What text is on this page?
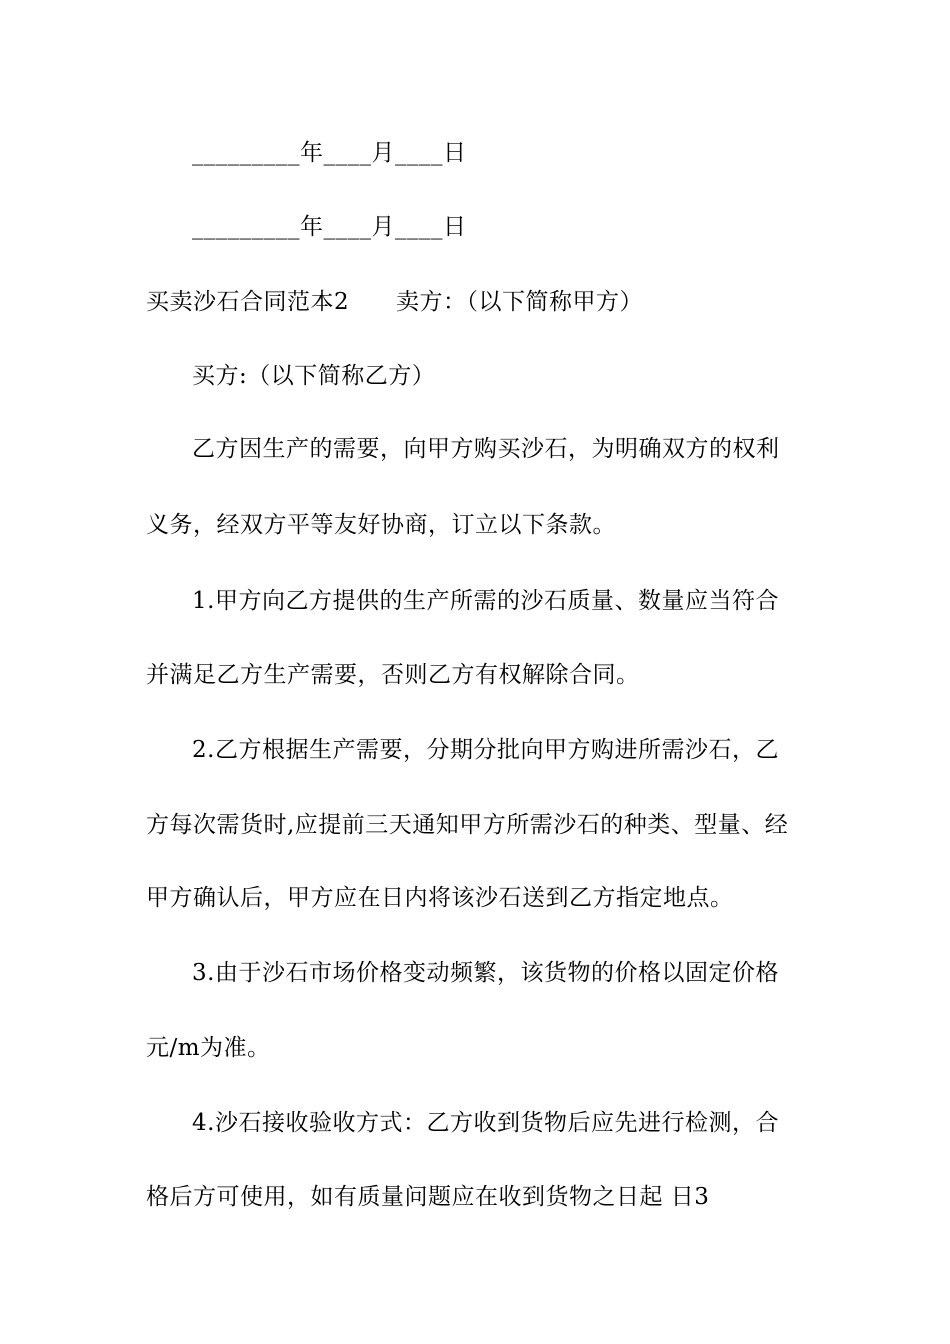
_________年____月____日
_________年____月____日
买卖沙石合同范本2      卖方：（以下简称甲方）
买方:（以下简称乙方）
乙方因生产的需要，向甲方购买沙石，为明确双方的权利
义务，经双方平等友好协商，订立以下条款。
1.甲方向乙方提供的生产所需的沙石质量、数量应当符合
并满足乙方生产需要，否则乙方有权解除合同。
2.乙方根据生产需要，分期分批向甲方购进所需沙石，乙
方每次需货时,应提前三天通知甲方所需沙石的种类、型量、经
甲方确认后，甲方应在日内将该沙石送到乙方指定地点。
3.由于沙石市场价格变动频繁，该货物的价格以固定价格
元/m为准。
4.沙石接收验收方式：乙方收到货物后应先进行检测，合
格后方可使用，如有质量问题应在收到货物之日起 日3
